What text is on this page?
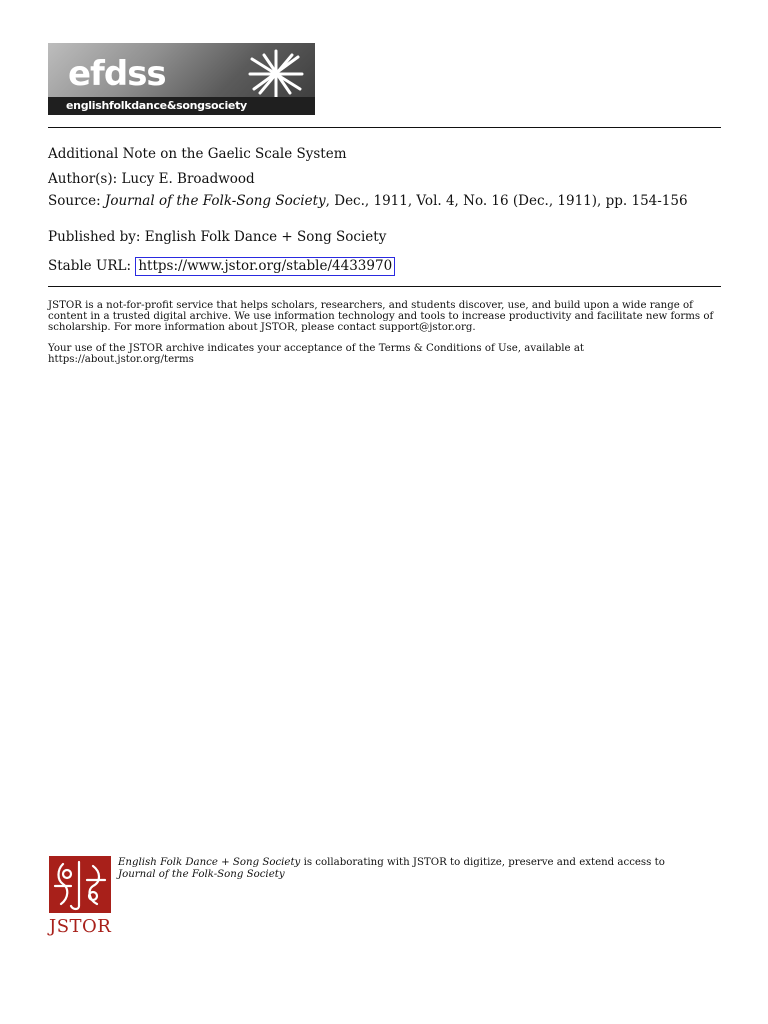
efdss
englishfolkdance&songsociety
Additional Note on the Gaelic Scale System
Author(s): Lucy E. Broadwood
Source: Journal of the Folk-Song Society, Dec., 1911, Vol. 4, No. 16 (Dec., 1911), pp. 154-156
Published by: English Folk Dance + Song Society
Stable URL: https://www.jstor.org/stable/4433970
JSTOR is a not-for-profit service that helps scholars, researchers, and students discover, use, and build upon a wide range of content in a trusted digital archive. We use information technology and tools to increase productivity and facilitate new forms of scholarship. For more information about JSTOR, please contact support@jstor.org.
Your use of the JSTOR archive indicates your acceptance of the Terms & Conditions of Use, available at https://about.jstor.org/terms
JSTOR
English Folk Dance + Song Society is collaborating with JSTOR to digitize, preserve and extend access to Journal of the Folk-Song Society
